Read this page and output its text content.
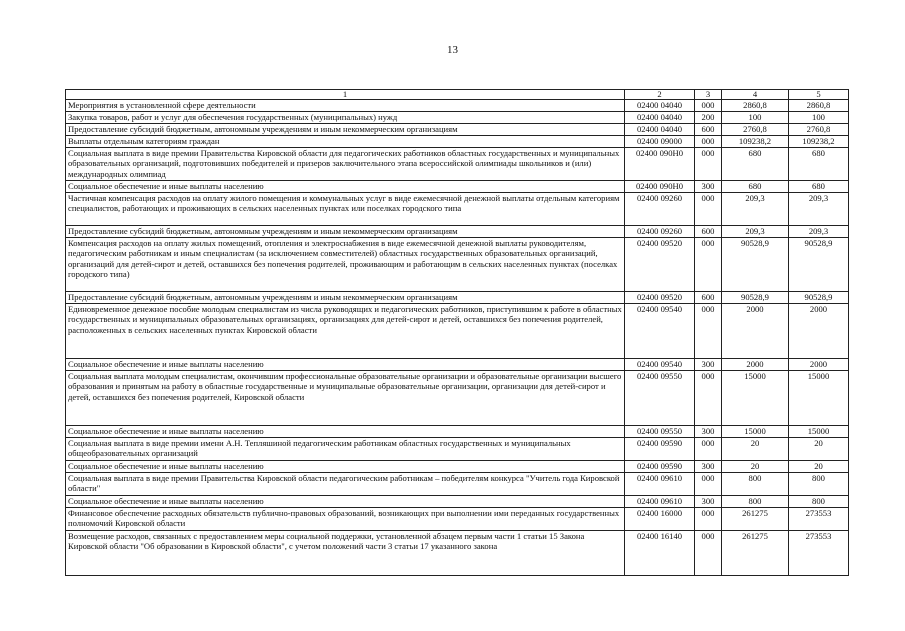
13
1	2	3	4	5
Мероприятия в установленной сфере деятельности	02400 04040	000	2860,8	2860,8
Закупка товаров, работ и услуг для обеспечения государственных (муниципальных) нужд	02400 04040	200	100	100
Предоставление субсидий бюджетным, автономным учреждениям и иным некоммерческим организациям	02400 04040	600	2760,8	2760,8
Выплаты отдельным категориям граждан	02400 09000	000	109238,2	109238,2
Социальная выплата в виде премии Правительства Кировской области для педагогических работников областных государственных и муниципальных образовательных организаций, подготовивших победителей и призеров заключительного этапа всероссийской олимпиады школьников и (или) международных олимпиад	02400 090H0	000	680	680
Социальное обеспечение и иные выплаты населению	02400 090H0	300	680	680
Частичная компенсация расходов на оплату жилого помещения и коммунальных услуг в виде ежемесячной денежной выплаты отдельным категориям специалистов, работающих и проживающих в сельских населенных пунктах или поселках городского типа	02400 09260	000	209,3	209,3
Предоставление субсидий бюджетным, автономным учреждениям и иным некоммерческим организациям	02400 09260	600	209,3	209,3
Компенсация расходов на оплату жилых помещений, отопления и электроснабжения в виде ежемесячной денежной выплаты руководителям, педагогическим работникам и иным специалистам (за исключением совместителей) областных государственных образовательных организаций, организаций для детей-сирот и детей, оставшихся без попечения родителей, проживающим и работающим в сельских населенных пунктах (поселках городского типа)	02400 09520	000	90528,9	90528,9
Предоставление субсидий бюджетным, автономным учреждениям и иным некоммерческим организациям	02400 09520	600	90528,9	90528,9
Единовременное денежное пособие молодым специалистам из числа руководящих и педагогических работников, приступившим к работе в областных государственных и муниципальных образовательных организациях, организациях для детей-сирот и детей, оставшихся без попечения родителей, расположенных в сельских населенных пунктах Кировской области	02400 09540	000	2000	2000
Социальное обеспечение и иные выплаты населению	02400 09540	300	2000	2000
Социальная выплата молодым специалистам, окончившим профессиональные образовательные организации и образовательные организации высшего образования и принятым на работу в областные государственные и муниципальные образовательные организации, организации для детей-сирот и детей, оставшихся без попечения родителей, Кировской области	02400 09550	000	15000	15000
Социальное обеспечение и иные выплаты населению	02400 09550	300	15000	15000
Социальная выплата в виде премии имени А.Н. Тепляшиной педагогическим работникам областных государственных и муниципальных общеобразовательных организаций	02400 09590	000	20	20
Социальное обеспечение и иные выплаты населению	02400 09590	300	20	20
Социальная выплата в виде премии Правительства Кировской области педагогическим работникам – победителям конкурса "Учитель года Кировской области"	02400 09610	000	800	800
Социальное обеспечение и иные выплаты населению	02400 09610	300	800	800
Финансовое обеспечение расходных обязательств публично-правовых образований, возникающих при выполнении ими переданных государственных полномочий Кировской области	02400 16000	000	261275	273553
Возмещение расходов, связанных с предоставлением меры социальной поддержки, установленной абзацем первым части 1 статьи 15 Закона Кировской области "Об образовании в Кировской области", с учетом положений части 3 статьи 17 указанного закона	02400 16140	000	261275	273553
